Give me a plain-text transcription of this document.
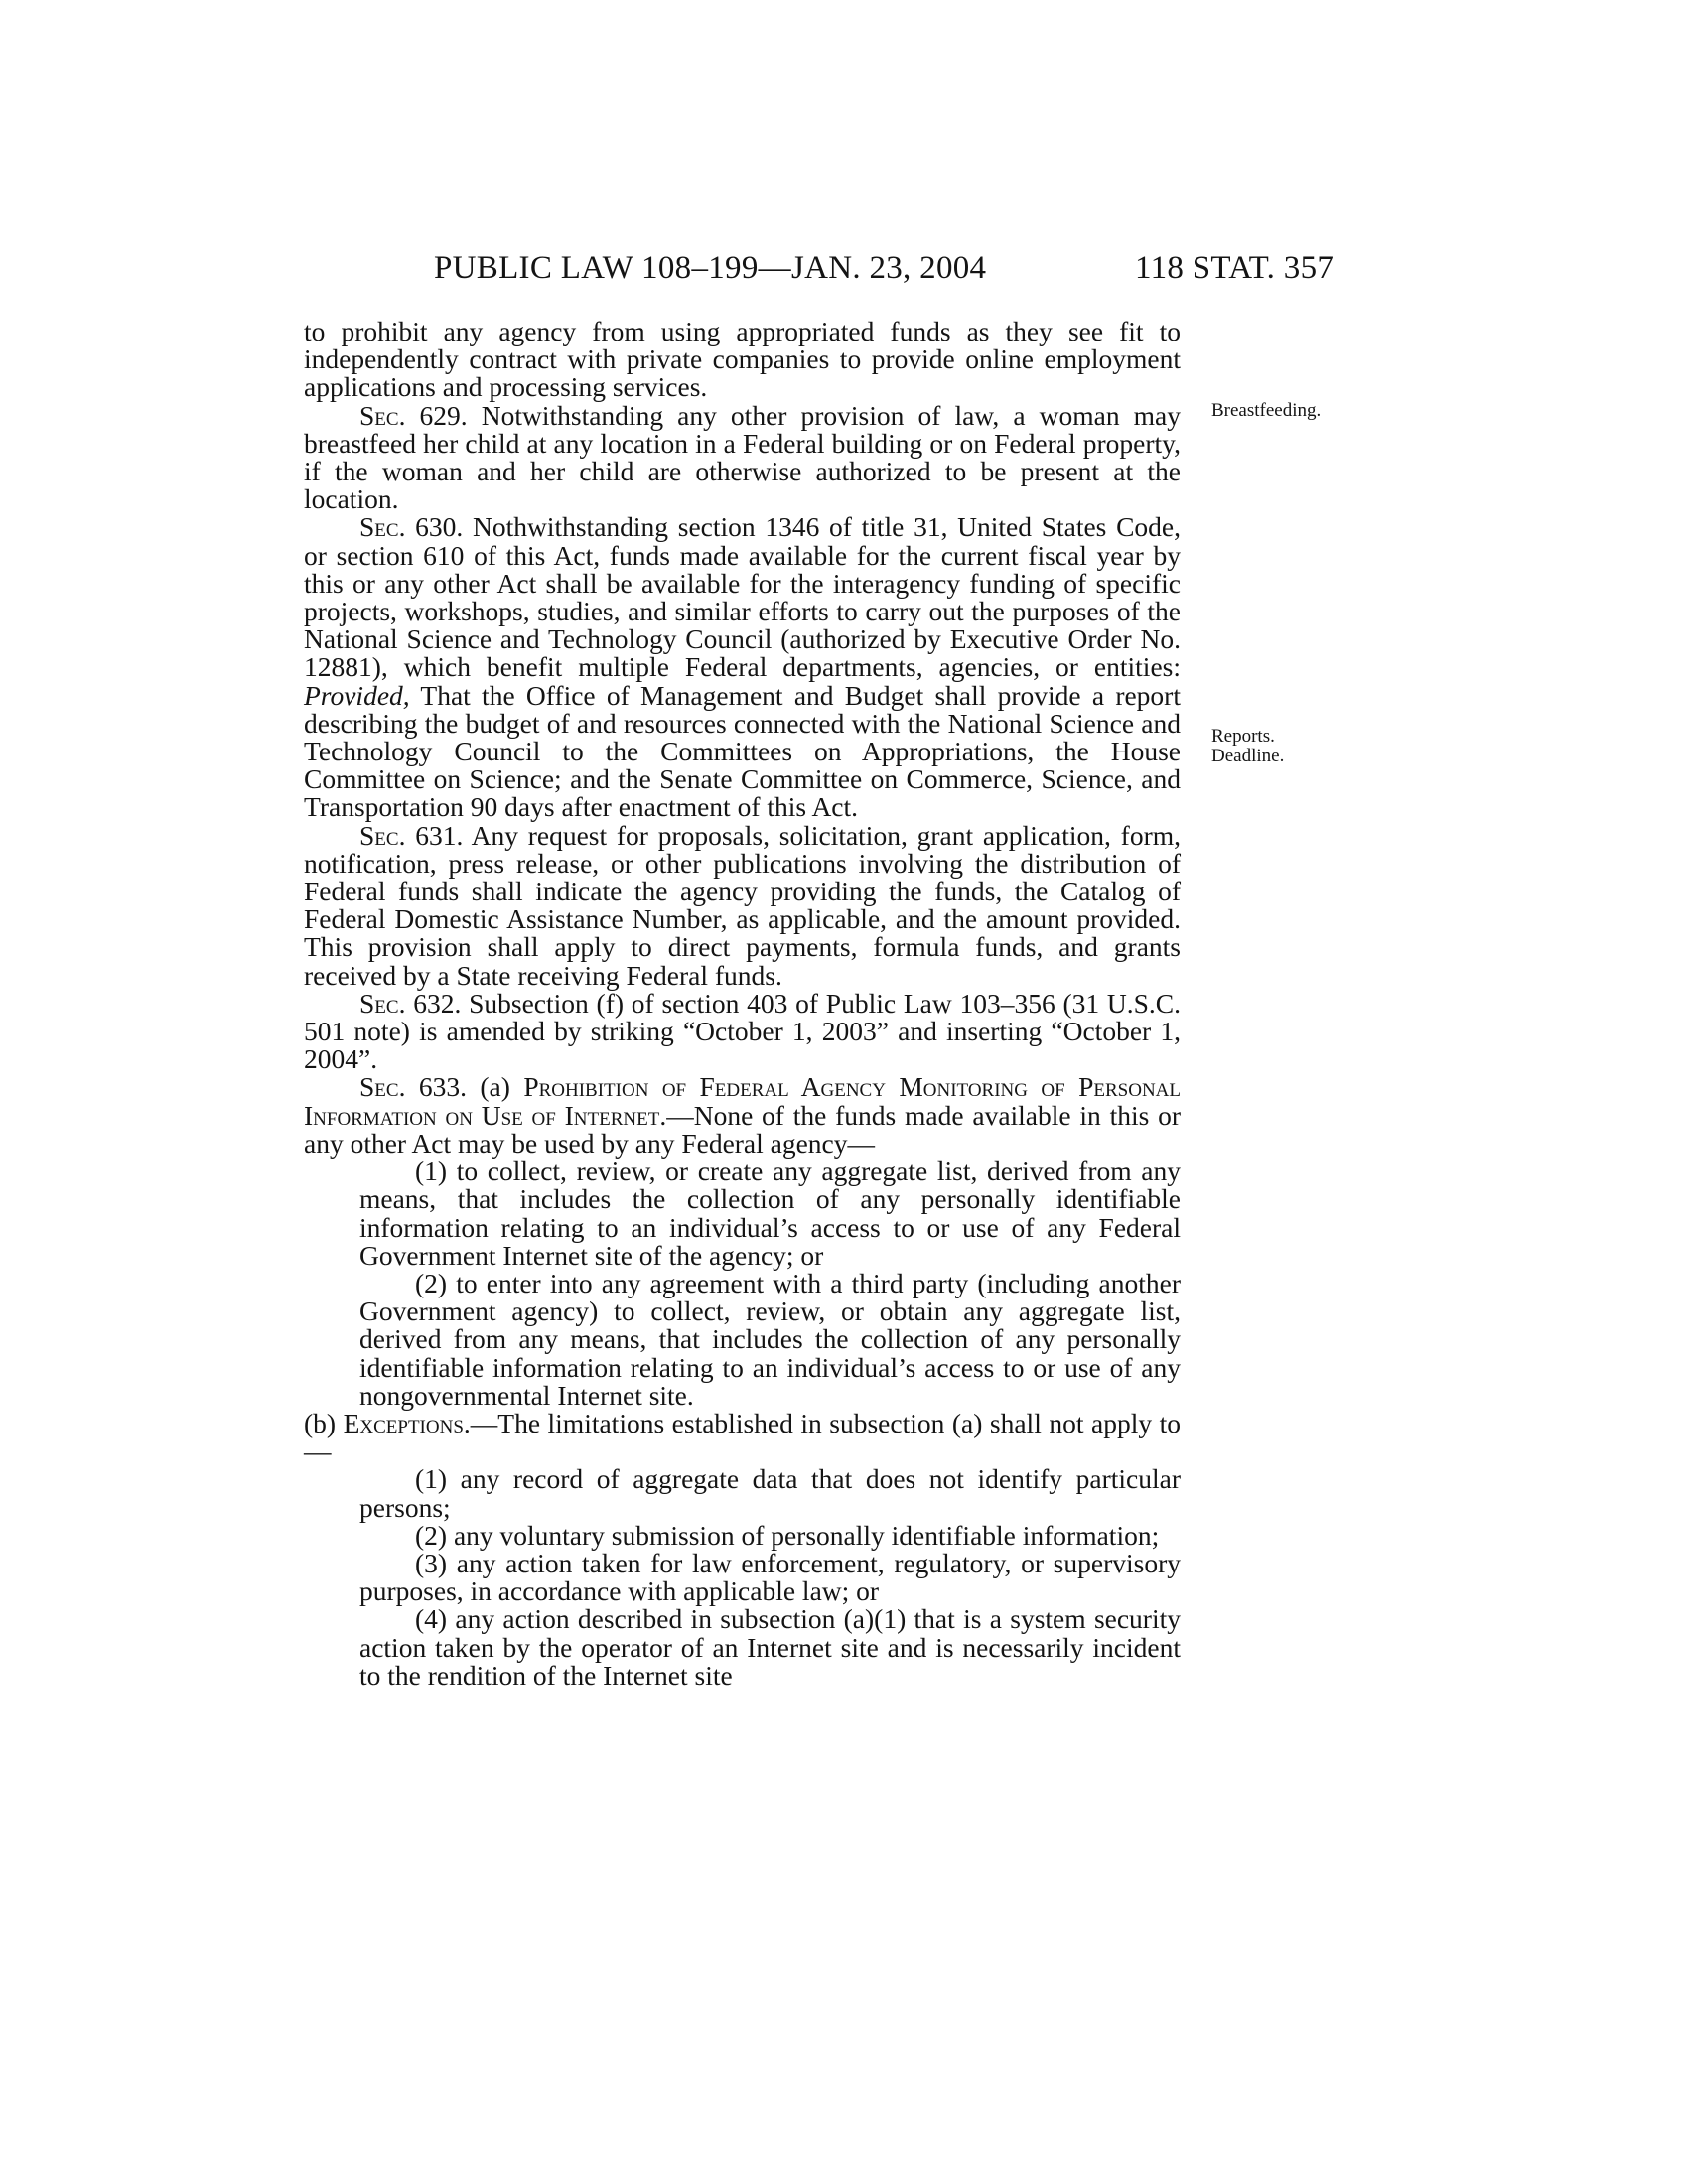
PUBLIC LAW 108–199—JAN. 23, 2004	118 STAT. 357

to prohibit any agency from using appropriated funds as they see fit to independently contract with private companies to provide online employment applications and processing services.

Sec. 629. Notwithstanding any other provision of law, a woman may breastfeed her child at any location in a Federal building or on Federal property, if the woman and her child are otherwise authorized to be present at the location.

Sec. 630. Nothwithstanding section 1346 of title 31, United States Code, or section 610 of this Act, funds made available for the current fiscal year by this or any other Act shall be available for the interagency funding of specific projects, workshops, studies, and similar efforts to carry out the purposes of the National Science and Technology Council (authorized by Executive Order No. 12881), which benefit multiple Federal departments, agencies, or entities: Provided, That the Office of Management and Budget shall provide a report describing the budget of and resources connected with the National Science and Technology Council to the Committees on Appropriations, the House Committee on Science; and the Senate Committee on Commerce, Science, and Transportation 90 days after enactment of this Act.

Sec. 631. Any request for proposals, solicitation, grant application, form, notification, press release, or other publications involving the distribution of Federal funds shall indicate the agency providing the funds, the Catalog of Federal Domestic Assistance Number, as applicable, and the amount provided. This provision shall apply to direct payments, formula funds, and grants received by a State receiving Federal funds.

Sec. 632. Subsection (f) of section 403 of Public Law 103–356 (31 U.S.C. 501 note) is amended by striking “October 1, 2003” and inserting “October 1, 2004”.

Sec. 633. (a) Prohibition of Federal Agency Monitoring of Personal Information on Use of Internet.—None of the funds made available in this or any other Act may be used by any Federal agency—

(1) to collect, review, or create any aggregate list, derived from any means, that includes the collection of any personally identifiable information relating to an individual’s access to or use of any Federal Government Internet site of the agency; or

(2) to enter into any agreement with a third party (including another Government agency) to collect, review, or obtain any aggregate list, derived from any means, that includes the collection of any personally identifiable information relating to an individual’s access to or use of any nongovernmental Internet site.

(b) Exceptions.—The limitations established in subsection (a) shall not apply to—

(1) any record of aggregate data that does not identify particular persons;

(2) any voluntary submission of personally identifiable information;

(3) any action taken for law enforcement, regulatory, or supervisory purposes, in accordance with applicable law; or

(4) any action described in subsection (a)(1) that is a system security action taken by the operator of an Internet site and is necessarily incident to the rendition of the Internet site

Breastfeeding.
Reports.
Deadline.
